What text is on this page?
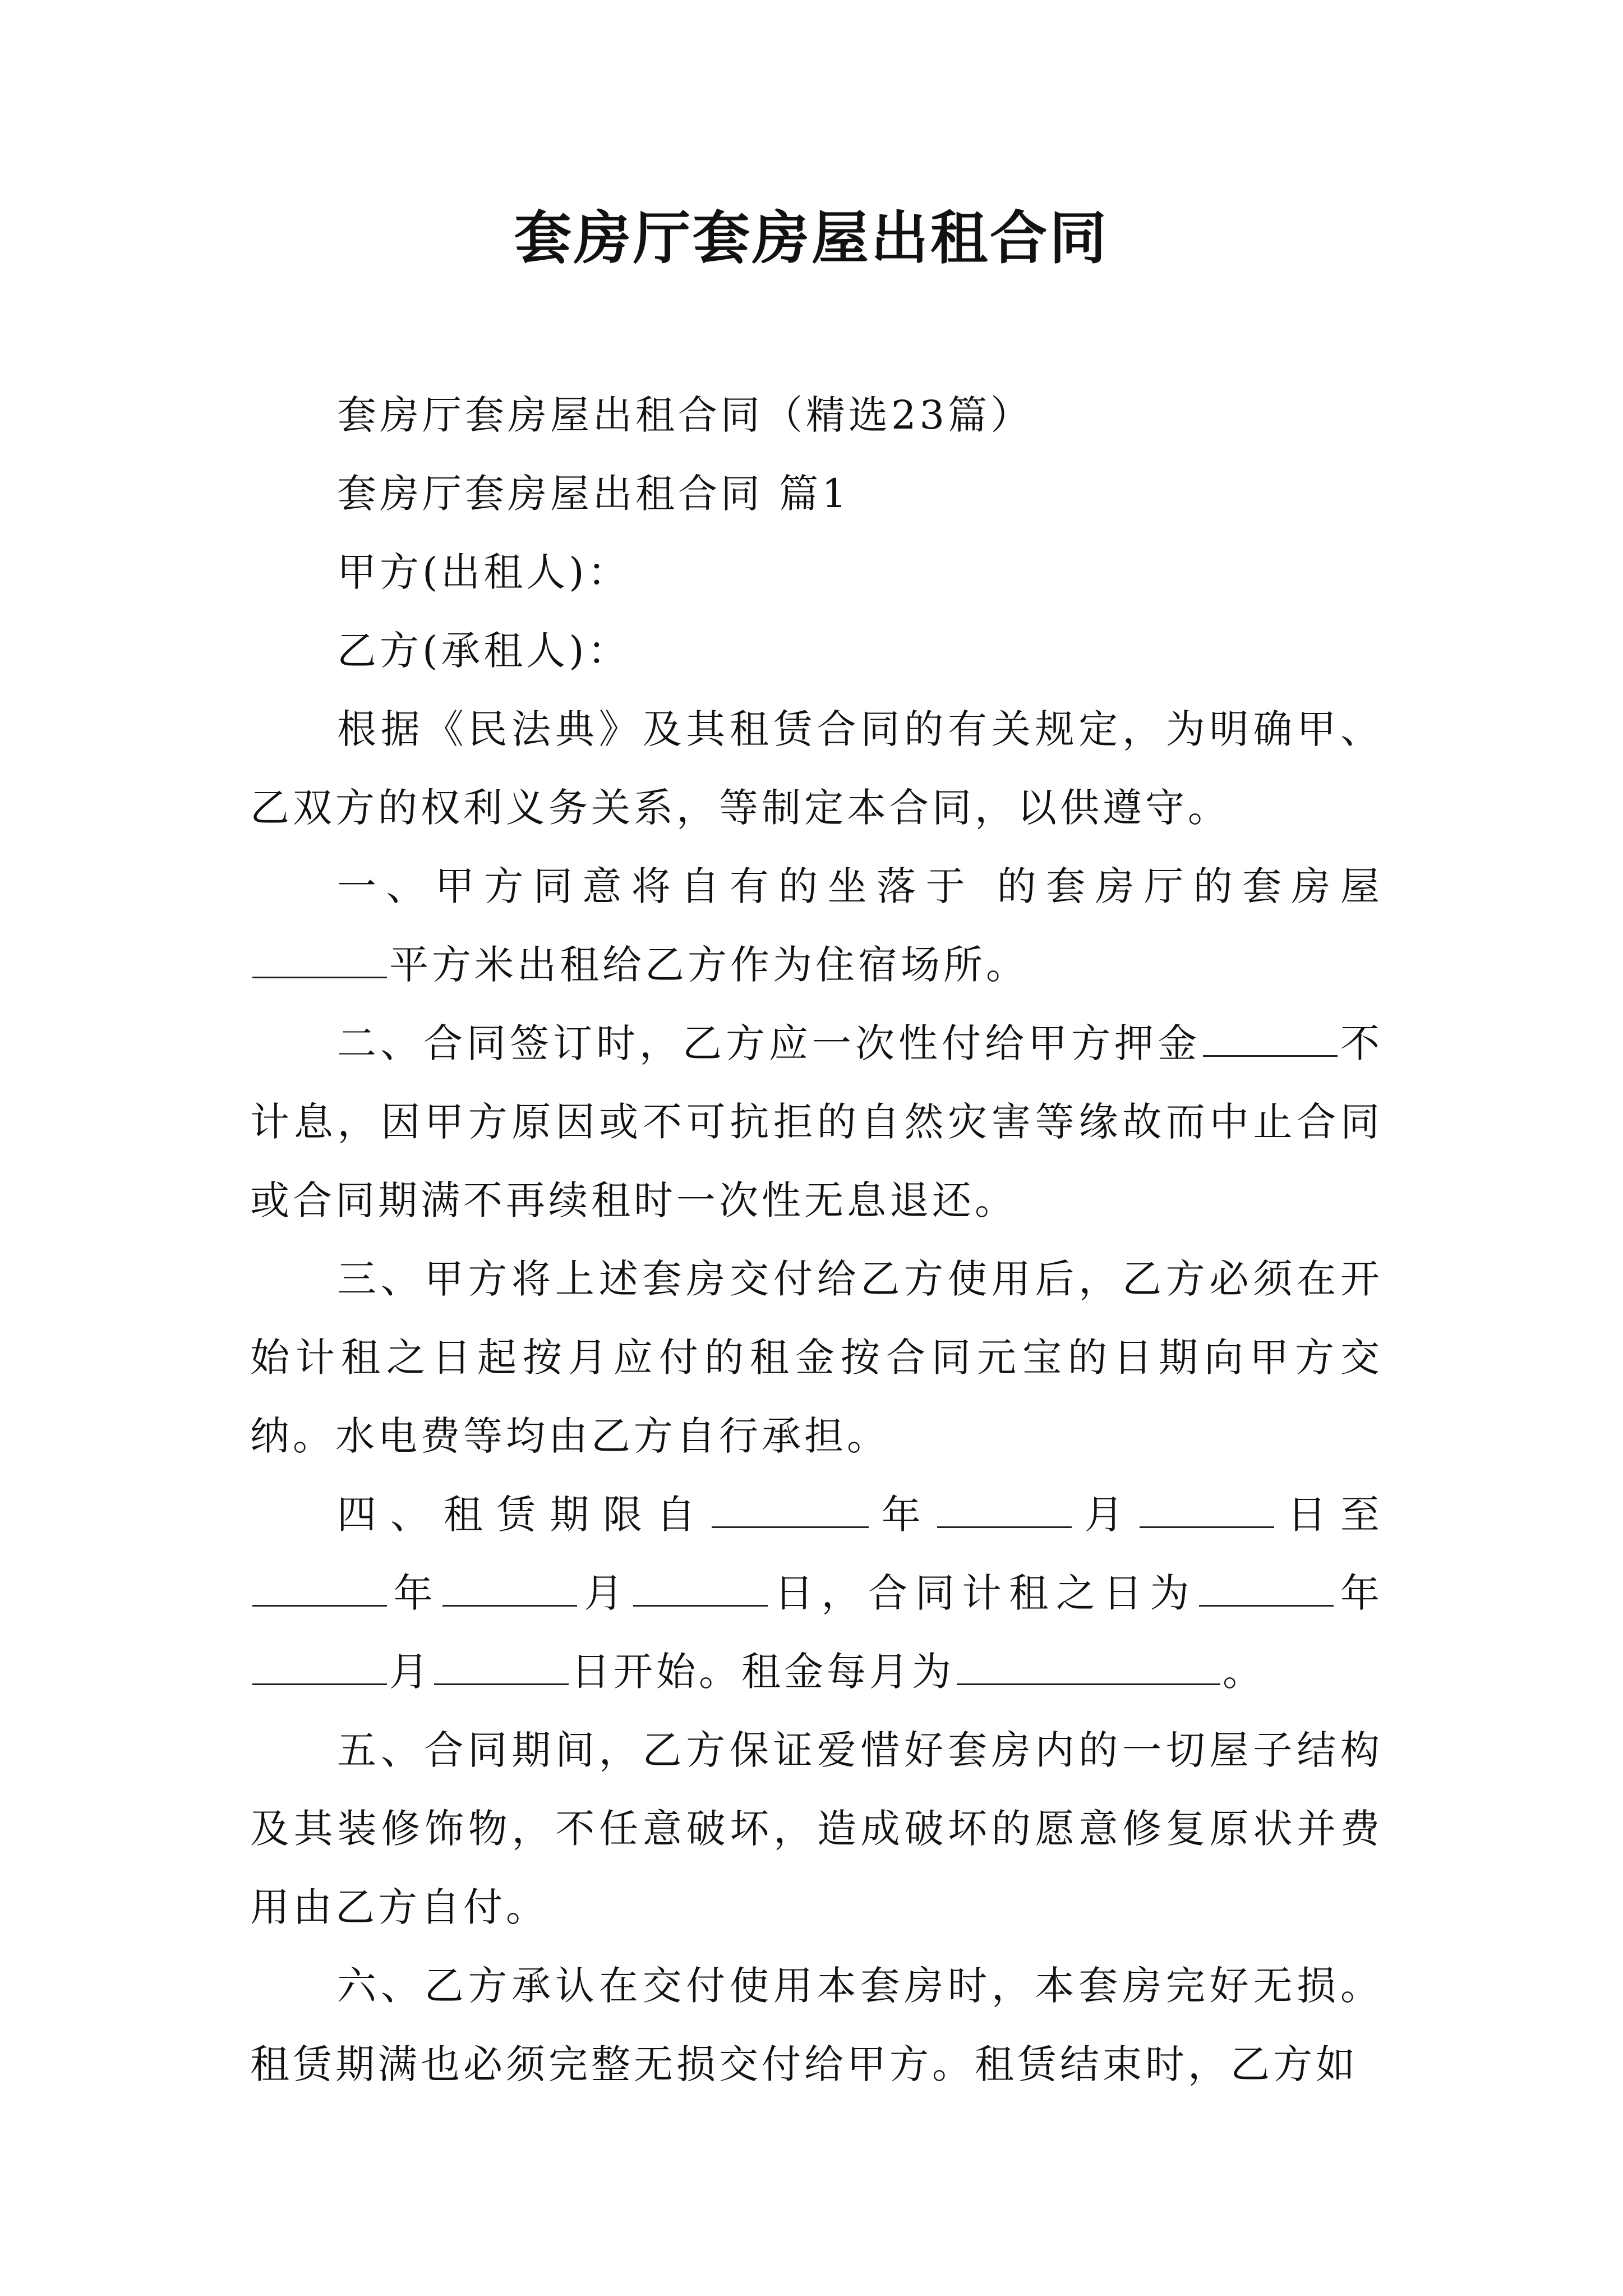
套房厅套房屋出租合同

套房厅套房屋出租合同（精选23篇）

套房厅套房屋出租合同 篇1

甲方(出租人)：

乙方(承租人)：

根据《民法典》及其租赁合同的有关规定，为明确甲、乙双方的权利义务关系，等制定本合同，以供遵守。

一、甲方同意将自有的坐落于 的套房厅的套房屋平方米出租给乙方作为住宿场所。

二、合同签订时，乙方应一次性付给甲方押金	不计息，因甲方原因或不可抗拒的自然灾害等缘故而中止合同或合同期满不再续租时一次性无息退还。

三、甲方将上述套房交付给乙方使用后，乙方必须在开始计租之日起按月应付的租金按合同元宝的日期向甲方交纳。水电费等均由乙方自行承担。

四、租赁期限自	年	月	日至年	月	日，合同计租之日为	年月	日开始。租金每月为	。

五、合同期间，乙方保证爱惜好套房内的一切屋子结构及其装修饰物，不任意破坏，造成破坏的愿意修复原状并费用由乙方自付。

六、乙方承认在交付使用本套房时，本套房完好无损。租赁期满也必须完整无损交付给甲方。租赁结束时，乙方如
